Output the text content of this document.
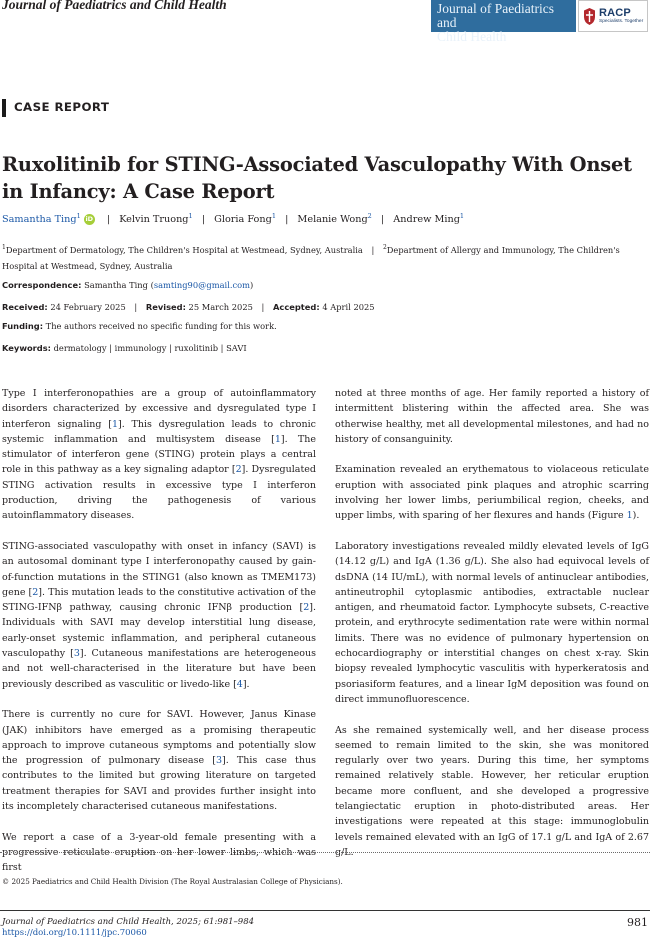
Journal of Paediatrics and Child Health	Journal of Paediatrics and
Child Health
RACP
Specialists. Together
CASE REPORT
Ruxolitinib for STING-Associated Vasculopathy With Onset in Infancy: A Case Report
Samantha Ting$^1$ iD | Kelvin Truong$^1$ | Gloria Fong$^1$ | Melanie Wong$^2$ | Andrew Ming$^1$
$^1$Department of Dermatology, The Children's Hospital at Westmead, Sydney, Australia | $^2$Department of Allergy and Immunology, The Children's Hospital at Westmead, Sydney, Australia
Correspondence: Samantha Ting (samting90@gmail.com)
Received: 24 February 2025 | Revised: 25 March 2025 | Accepted: 4 April 2025
Funding: The authors received no specific funding for this work.
Keywords: dermatology | immunology | ruxolitinib | SAVI

Type I interferonopathies are a group of autoinflammatory disorders characterized by excessive and dysregulated type I interferon signaling [1]. This dysregulation leads to chronic systemic inflammation and multisystem disease [1]. The stimulator of interferon gene (STING) protein plays a central role in this pathway as a key signaling adaptor [2]. Dysregulated STING activation results in excessive type I interferon production, driving the pathogenesis of various autoinflammatory diseases.

STING-associated vasculopathy with onset in infancy (SAVI) is an autosomal dominant type I interferonopathy caused by gain-of-function mutations in the STING1 (also known as TMEM173) gene [2]. This mutation leads to the constitutive activation of the STING-IFNβ pathway, causing chronic IFNβ production [2]. Individuals with SAVI may develop interstitial lung disease, early-onset systemic inflammation, and peripheral cutaneous vasculopathy [3]. Cutaneous manifestations are heterogeneous and not well-characterised in the literature but have been previously described as vasculitic or livedo-like [4].

There is currently no cure for SAVI. However, Janus Kinase (JAK) inhibitors have emerged as a promising therapeutic approach to improve cutaneous symptoms and potentially slow the progression of pulmonary disease [3]. This case thus contributes to the limited but growing literature on targeted treatment therapies for SAVI and provides further insight into its incompletely characterised cutaneous manifestations.

We report a case of a 3-year-old female presenting with a progressive reticulate eruption on her lower limbs, which was first

noted at three months of age. Her family reported a history of intermittent blistering within the affected area. She was otherwise healthy, met all developmental milestones, and had no history of consanguinity.

Examination revealed an erythematous to violaceous reticulate eruption with associated pink plaques and atrophic scarring involving her lower limbs, periumbilical region, cheeks, and upper limbs, with sparing of her flexures and hands (Figure 1).

Laboratory investigations revealed mildly elevated levels of IgG (14.12 g/L) and IgA (1.36 g/L). She also had equivocal levels of dsDNA (14 IU/mL), with normal levels of antinuclear antibodies, antineutrophil cytoplasmic antibodies, extractable nuclear antigen, and rheumatoid factor. Lymphocyte subsets, C-reactive protein, and erythrocyte sedimentation rate were within normal limits. There was no evidence of pulmonary hypertension on echocardiography or interstitial changes on chest x-ray. Skin biopsy revealed lymphocytic vasculitis with hyperkeratosis and psoriasiform features, and a linear IgM deposition was found on direct immunofluorescence.

As she remained systemically well, and her disease process seemed to remain limited to the skin, she was monitored regularly over two years. During this time, her symptoms remained relatively stable. However, her reticular eruption became more confluent, and she developed a progressive telangiectatic eruption in photo-distributed areas. Her investigations were repeated at this stage: immunoglobulin levels remained elevated with an IgG of 17.1 g/L and IgA of 2.67 g/L.

© 2025 Paediatrics and Child Health Division (The Royal Australasian College of Physicians).
Journal of Paediatrics and Child Health, 2025; 61:981–984
https://doi.org/10.1111/jpc.70060
981
